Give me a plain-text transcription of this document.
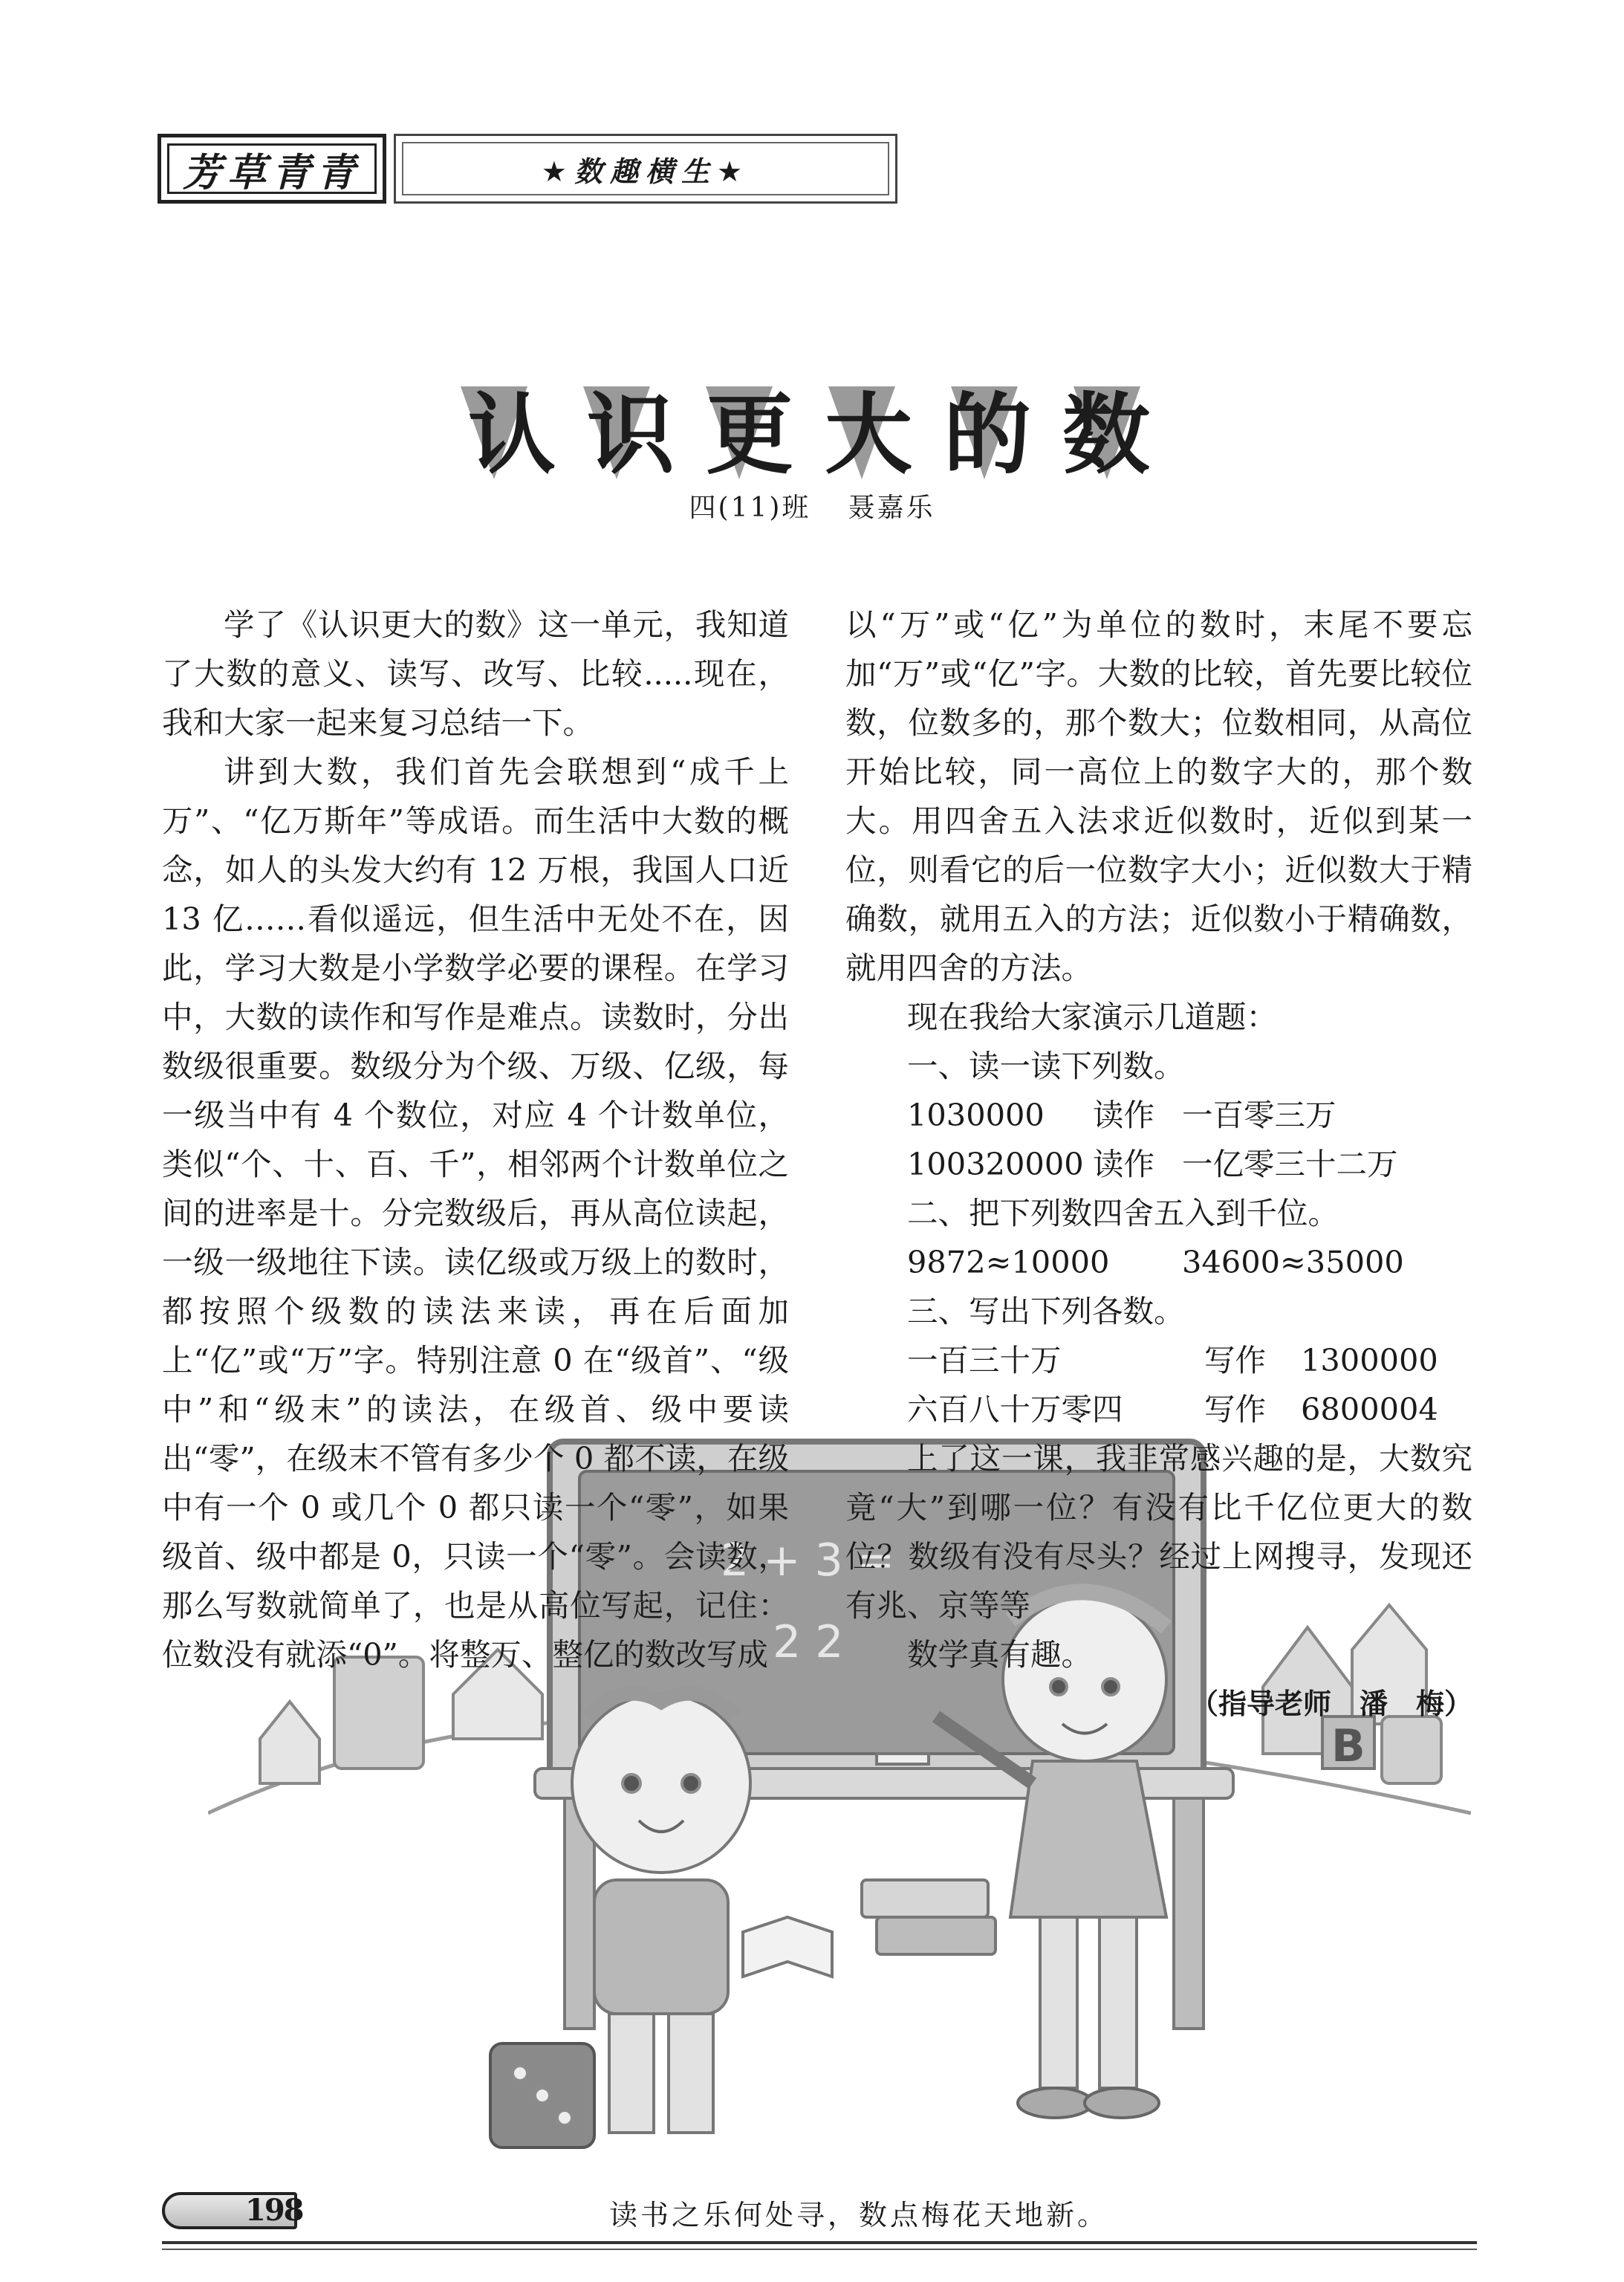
芳草青青	★数趣横生★
认识更大的数
四(11)班 聂嘉乐
2 + 3 =
2 2
B

学了《认识更大的数》这一单元，我知道了大数的意义、读写、改写、比较.....现在，我和大家一起来复习总结一下。

讲到大数，我们首先会联想到“成千上万”、“亿万斯年”等成语。而生活中大数的概念，如人的头发大约有 12 万根，我国人口近 13 亿……看似遥远，但生活中无处不在，因此，学习大数是小学数学必要的课程。在学习中，大数的读作和写作是难点。读数时，分出数级很重要。数级分为个级、万级、亿级，每一级当中有 4 个数位，对应 4 个计数单位，类似“个、十、百、千”，相邻两个计数单位之间的进率是十。分完数级后，再从高位读起，一级一级地往下读。读亿级或万级上的数时，都按照个级数的读法来读，再在后面加上“亿”或“万”字。特别注意 0 在“级首”、“级中”和“级末”的读法，在级首、级中要读出“零”，在级末不管有多少个 0 都不读，在级中有一个 0 或几个 0 都只读一个“零”，如果级首、级中都是 0，只读一个“零”。会读数，那么写数就简单了，也是从高位写起，记住：位数没有就添“0”。将整万、整亿的数改写成

以“万”或“亿”为单位的数时，末尾不要忘加“万”或“亿”字。大数的比较，首先要比较位数，位数多的，那个数大；位数相同，从高位开始比较，同一高位上的数字大的，那个数大。用四舍五入法求近似数时，近似到某一位，则看它的后一位数字大小；近似数大于精确数，就用五入的方法；近似数小于精确数，就用四舍的方法。

现在我给大家演示几道题：

一、读一读下列数。

1030000 读作 一百零三万

100320000 读作 一亿零三十二万

二、把下列数四舍五入到千位。

9872≈10000 34600≈35000

三、写出下列各数。

一百三十万	写作 1300000

六百八十万零四	写作 6800004

上了这一课，我非常感兴趣的是，大数究竟“大”到哪一位？有没有比千亿位更大的数位？数级有没有尽头？经过上网搜寻，发现还有兆、京等等

数学真有趣。

（指导老师　潘　梅）

198	读书之乐何处寻，数点梅花天地新。
